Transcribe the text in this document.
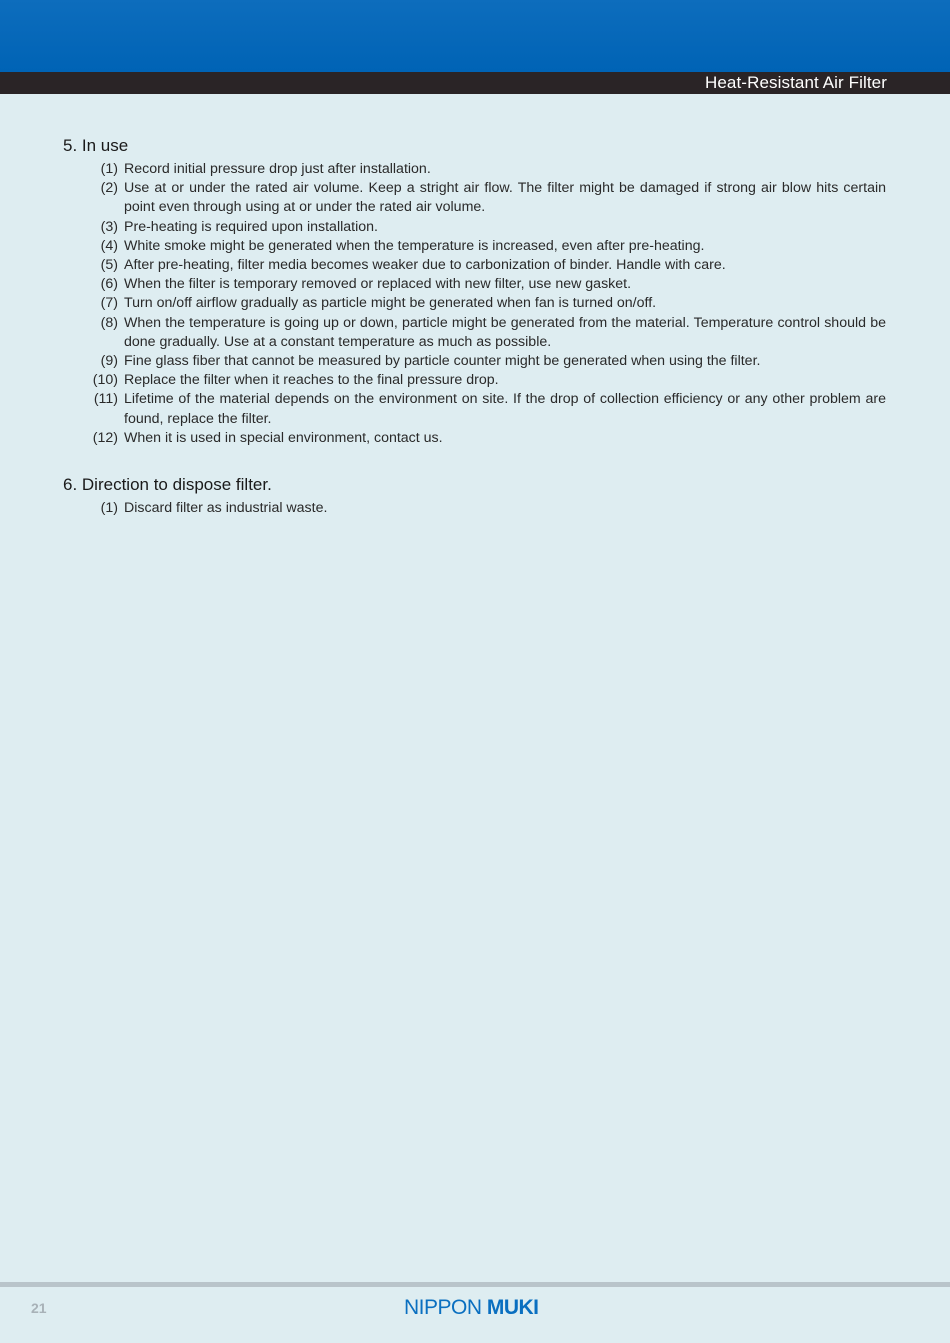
Heat-Resistant Air Filter
5. In use
(1) Record initial pressure drop just after installation.
(2) Use at or under the rated air volume. Keep a stright air flow. The filter might be damaged if strong air blow hits certain point even through using at or under the rated air volume.
(3) Pre-heating is required upon installation.
(4) White smoke might be generated when the temperature is increased, even after pre-heating.
(5) After pre-heating, filter media becomes weaker due to carbonization of binder. Handle with care.
(6) When the filter is temporary removed or replaced with new filter, use new gasket.
(7) Turn on/off airflow gradually as particle might be generated when fan is turned on/off.
(8) When the temperature is going up or down, particle might be generated from the material. Temperature control should be done gradually. Use at a constant temperature as much as possible.
(9) Fine glass fiber that cannot be measured by particle counter might be generated when using the filter.
(10) Replace the filter when it reaches to the final pressure drop.
(11) Lifetime of the material depends on the environment on site. If the drop of collection efficiency or any other problem are found, replace the filter.
(12) When it is used in special environment, contact us.
6. Direction to dispose filter.
(1) Discard filter as industrial waste.
21	NIPPON MUKI
